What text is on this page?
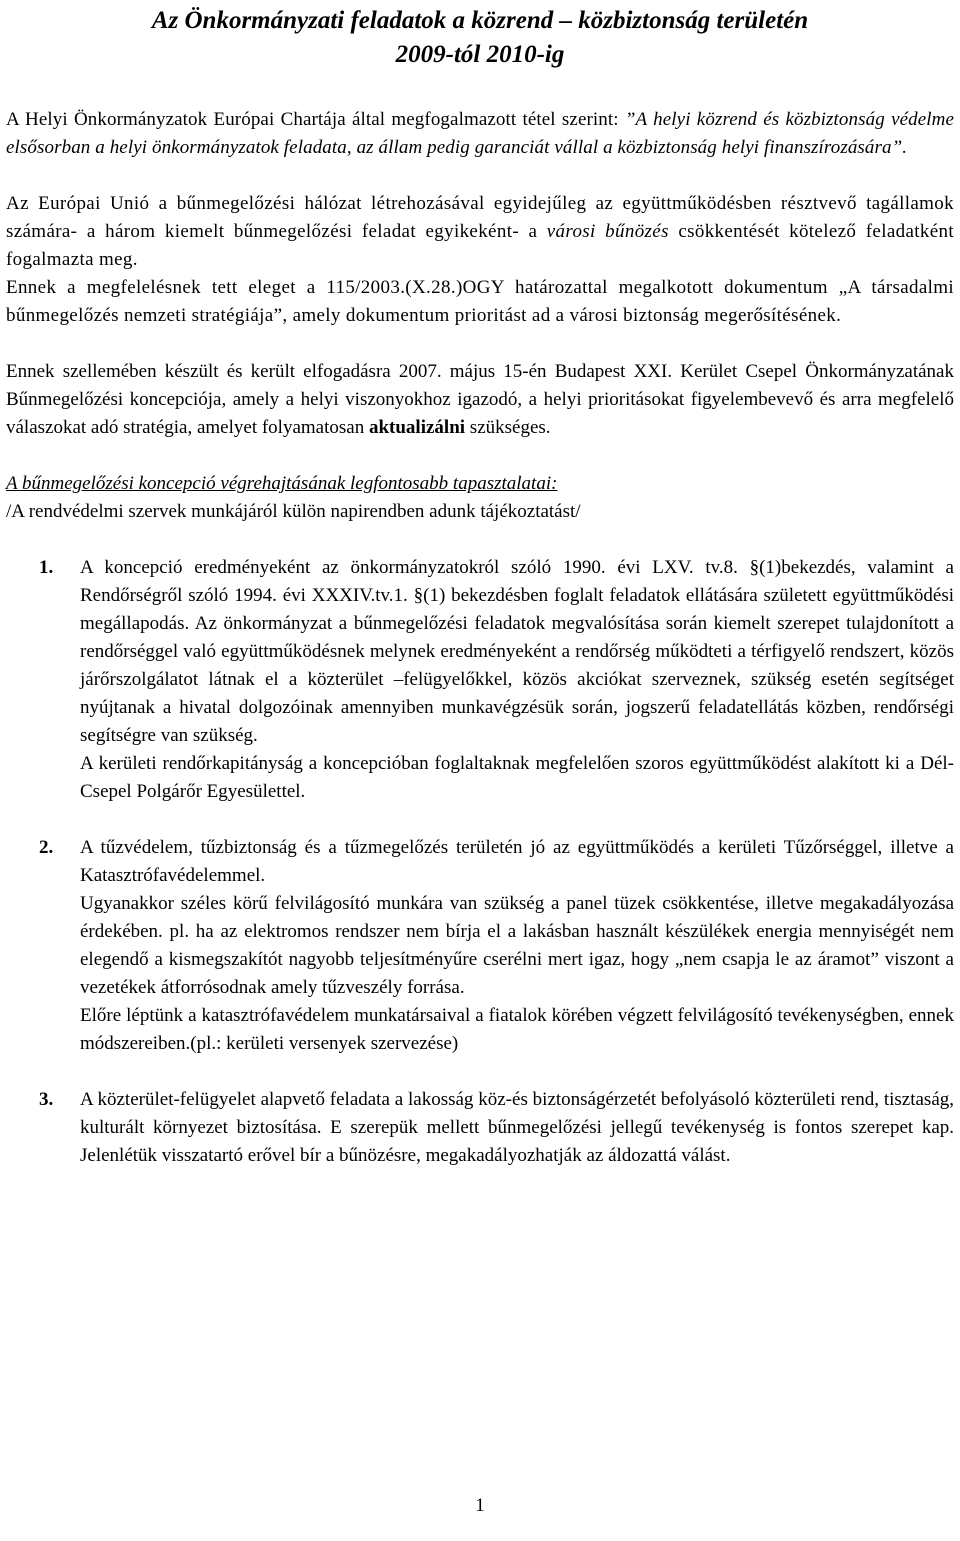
Az Önkormányzati feladatok a közrend – közbiztonság területén
2009-tól 2010-ig

A Helyi Önkormányzatok Európai Chartája által megfogalmazott tétel szerint: ”A helyi közrend és közbiztonság védelme elsősorban a helyi önkormányzatok feladata, az állam pedig garanciát vállal a közbiztonság helyi finanszírozására”.

Az Európai Unió a bűnmegelőzési hálózat létrehozásával egyidejűleg az együttműködésben résztvevő tagállamok számára- a három kiemelt bűnmegelőzési feladat egyikeként- a városi bűnözés csökkentését kötelező feladatként fogalmazta meg.

Ennek a megfelelésnek tett eleget a 115/2003.(X.28.)OGY határozattal megalkotott dokumentum „A társadalmi bűnmegelőzés nemzeti stratégiája”, amely dokumentum prioritást ad a városi biztonság megerősítésének.

Ennek szellemében készült és került elfogadásra 2007. május 15-én Budapest XXI. Kerület Csepel Önkormányzatának Bűnmegelőzési koncepciója, amely a helyi viszonyokhoz igazodó, a helyi prioritásokat figyelembevevő és arra megfelelő válaszokat adó stratégia, amelyet folyamatosan aktualizálni szükséges.

A bűnmegelőzési koncepció végrehajtásának legfontosabb tapasztalatai:

/A rendvédelmi szervek munkájáról külön napirendben adunk tájékoztatást/

1. A koncepció eredményeként az önkormányzatokról szóló 1990. évi LXV. tv.8. §(1)bekezdés, valamint a Rendőrségről szóló 1994. évi XXXIV.tv.1. §(1) bekezdésben foglalt feladatok ellátására született együttműködési megállapodás. Az önkormányzat a bűnmegelőzési feladatok megvalósítása során kiemelt szerepet tulajdonított a rendőrséggel való együttműködésnek melynek eredményeként a rendőrség működteti a térfigyelő rendszert, közös járőrszolgálatot látnak el a közterület –felügyelőkkel, közös akciókat szerveznek, szükség esetén segítséget nyújtanak a hivatal dolgozóinak amennyiben munkavégzésük során, jogszerű feladatellátás közben, rendőrségi segítségre van szükség.

A kerületi rendőrkapitányság a koncepcióban foglaltaknak megfelelően szoros együttműködést alakított ki a Dél-Csepel Polgárőr Egyesülettel.

2. A tűzvédelem, tűzbiztonság és a tűzmegelőzés területén jó az együttműködés a kerületi Tűzőrséggel, illetve a Katasztrófavédelemmel.

Ugyanakkor széles körű felvilágosító munkára van szükség a panel tüzek csökkentése, illetve megakadályozása érdekében. pl. ha az elektromos rendszer nem bírja el a lakásban használt készülékek energia mennyiségét nem elegendő a kismegszakítót nagyobb teljesítményűre cserélni mert igaz, hogy „nem csapja le az áramot” viszont a vezetékek átforrósodnak amely tűzveszély forrása.

Előre léptünk a katasztrófavédelem munkatársaival a fiatalok körében végzett felvilágosító tevékenységben, ennek módszereiben.(pl.: kerületi versenyek szervezése)

3. A közterület-felügyelet alapvető feladata a lakosság köz-és biztonságérzetét befolyásoló közterületi rend, tisztaság, kulturált környezet biztosítása. E szerepük mellett bűnmegelőzési jellegű tevékenység is fontos szerepet kap. Jelenlétük visszatartó erővel bír a bűnözésre, megakadályozhatják az áldozattá válást.

1
